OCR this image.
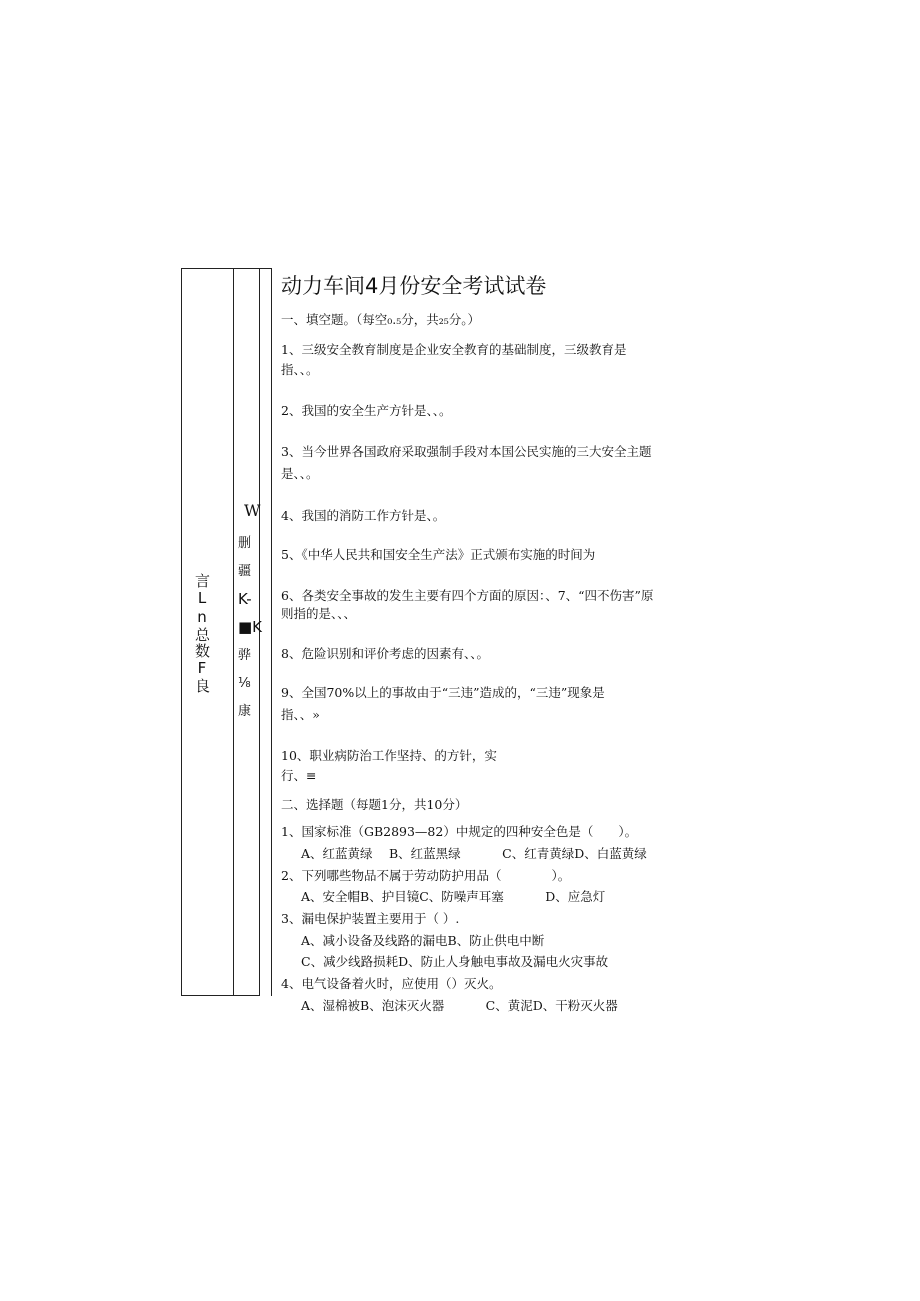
言Ln总数F良
W
删
疆
K-
■K
骅
⅛
康
动力车间4月份安全考试试卷
一、填空题。（每空₀.₅分，共₂₅分。）
1、三级安全教育制度是企业安全教育的基础制度，三级教育是
指、、。
2、我国的安全生产方针是、、。
3、当今世界各国政府采取强制手段对本国公民实施的三大安全主题
是、、。
4、我国的消防工作方针是、。
5、《中华人民共和国安全生产法》正式颁布实施的时间为
6、各类安全事故的发生主要有四个方面的原因：、7、“四不伤害”原
则指的是、、、
8、危险识别和评价考虑的因素有、、。
9、全国70%以上的事故由于“三违”造成的，“三违”现象是
指、、»
10、职业病防治工作坚持、的方针，实
行、≡
二、选择题（每题1分，共10分）
1、国家标准（GB2893—82）中规定的四种安全色是（　　）。
A、红蓝黄绿　 B、红蓝黑绿　　　 C、红青黄绿D、白蓝黄绿
2、下列哪些物品不属于劳动防护用品（　　　　）。
A、安全帽B、护目镜C、防噪声耳塞　　　 D、应急灯
3、漏电保护装置主要用于（ ）.
A、减小设备及线路的漏电B、防止供电中断
C、减少线路损耗D、防止人身触电事故及漏电火灾事故
4、电气设备着火时，应使用（）灭火。
A、湿棉被B、泡沫灭火器　　　 C、黄泥D、干粉灭火器
